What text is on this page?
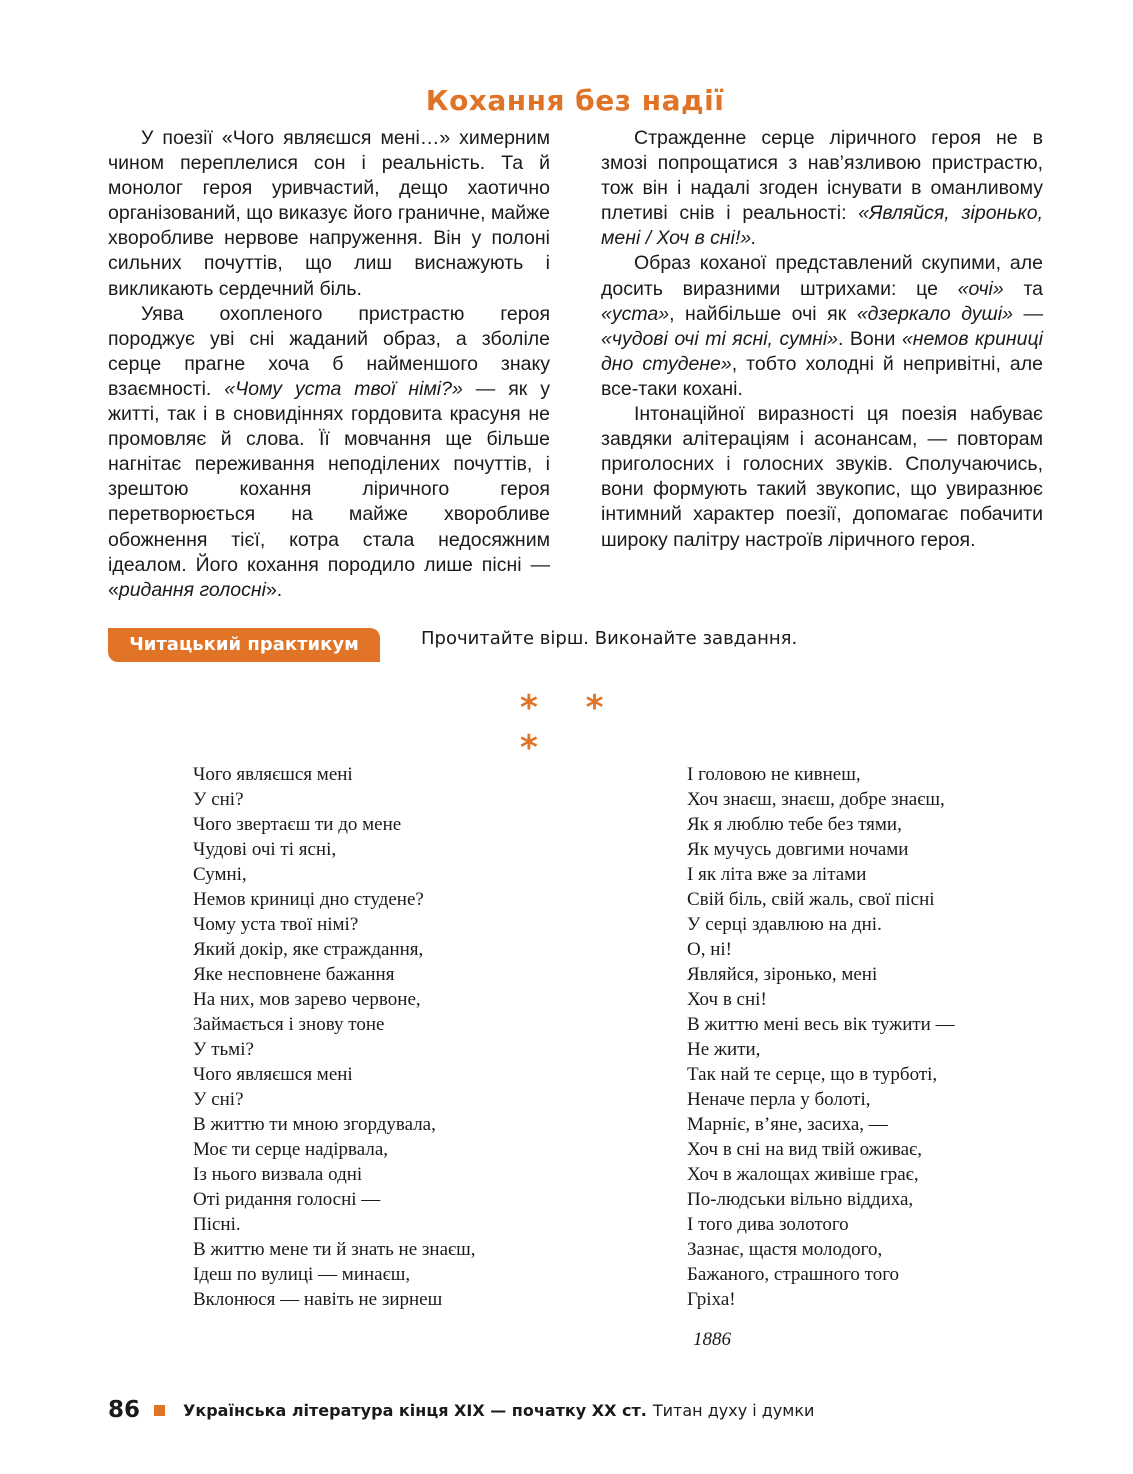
Кохання без надії

У поезії «Чого являєшся мені…» химерним чином переплелися сон і реальність. Та й монолог героя уривчастий, дещо хаотично організований, що виказує його граничне, майже хворобливе нервове напруження. Він у полоні сильних почуттів, що лиш виснажують і викликають сердечний біль.

Уява охопленого пристрастю героя породжує уві сні жаданий образ, а зболіле серце прагне хоча б найменшого знаку взаємності. «Чому уста твої німі?» — як у житті, так і в сновидіннях гордовита красуня не промовляє й слова. Її мовчання ще більше нагнітає переживання неподілених почуттів, і зрештою кохання ліричного героя перетворюється на майже хворобливе обожнення тієї, котра стала недосяжним ідеалом. Його кохання породило лише пісні — «ридання голосні».

Стражденне серце ліричного героя не в змозі попрощатися з нав’язливою пристрастю, тож він і надалі згоден існувати в оманливому плетиві снів і реальності: «Являйся, зіронько, мені / Хоч в сні!».

Образ коханої представлений скупими, але досить виразними штрихами: це «очі» та «уста», найбільше очі як «дзеркало душі» — «чудові очі ті ясні, сумні». Вони «немов криниці дно студене», тобто холодні й непривітні, але все-таки кохані.

Інтонаційної виразності ця поезія набуває завдяки алітераціям і асонансам, — повторам приголосних і голосних звуків. Сполучаючись, вони формують такий звукопис, що увиразнює інтимний характер поезії, допомагає побачити широку палітру настроїв ліричного героя.

Читацький практикум	Прочитайте вірш. Виконайте завдання.
* * *
Чого являєшся мені
У сні?
Чого звертаєш ти до мене
Чудові очі ті ясні,
Сумні,
Немов криниці дно студене?
Чому уста твої німі?
Який докір, яке страждання,
Яке несповнене бажання
На них, мов зарево червоне,
Займається і знову тоне
У тьмі?
Чого являєшся мені
У сні?
В життю ти мною згордувала,
Моє ти серце надірвала,
Із нього визвала одні
Оті ридання голосні —
Пісні.
В життю мене ти й знать не знаєш,
Ідеш по вулиці — минаєш,
Вклонюся — навіть не зирнеш
І головою не кивнеш,
Хоч знаєш, знаєш, добре знаєш,
Як я люблю тебе без тями,
Як мучусь довгими ночами
І як літа вже за літами
Свій біль, свій жаль, свої пісні
У серці здавлюю на дні.
О, ні!
Являйся, зіронько, мені
Хоч в сні!
В життю мені весь вік тужити —
Не жити,
Так най те серце, що в турботі,
Неначе перла у болоті,
Марніє, в’яне, засиха, —
Хоч в сні на вид твій оживає,
Хоч в жалощах живіше грає,
По-людськи вільно віддиха,
І того дива золотого
Зазнає, щастя молодого,
Бажаного, страшного того
Гріха!
1886
86	Українська література кінця ХІХ — початку ХХ ст. Титан духу і думки
